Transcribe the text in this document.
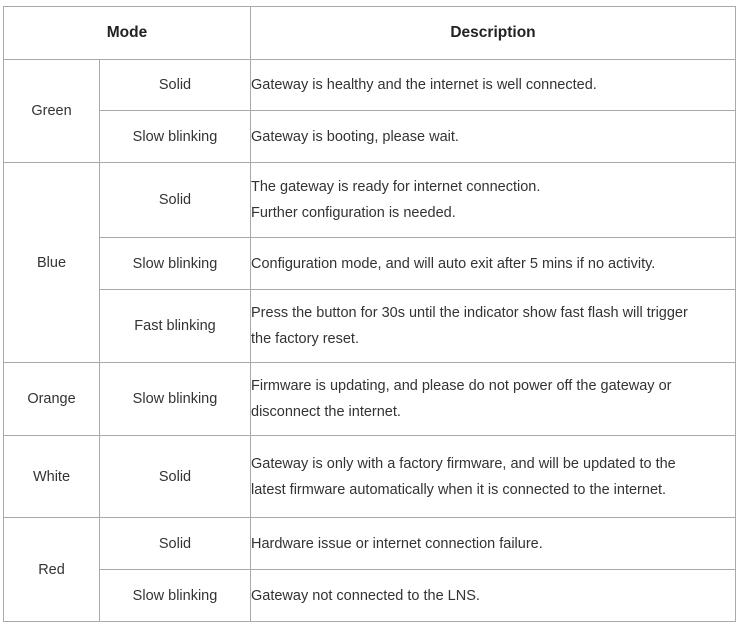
Mode		Description
Green	Solid	Gateway is healthy and the internet is well connected.
	Slow blinking	Gateway is booting, please wait.
Blue	Solid	The gateway is ready for internet connection.
Further configuration is needed.
	Slow blinking	Configuration mode, and will auto exit after 5 mins if no activity.
	Fast blinking	Press the button for 30s until the indicator show fast flash will trigger
the factory reset.
Orange	Slow blinking	Firmware is updating, and please do not power off the gateway or
disconnect the internet.
White	Solid	Gateway is only with a factory firmware, and will be updated to the
latest firmware automatically when it is connected to the internet.
Red	Solid	Hardware issue or internet connection failure.
	Slow blinking	Gateway not connected to the LNS.
